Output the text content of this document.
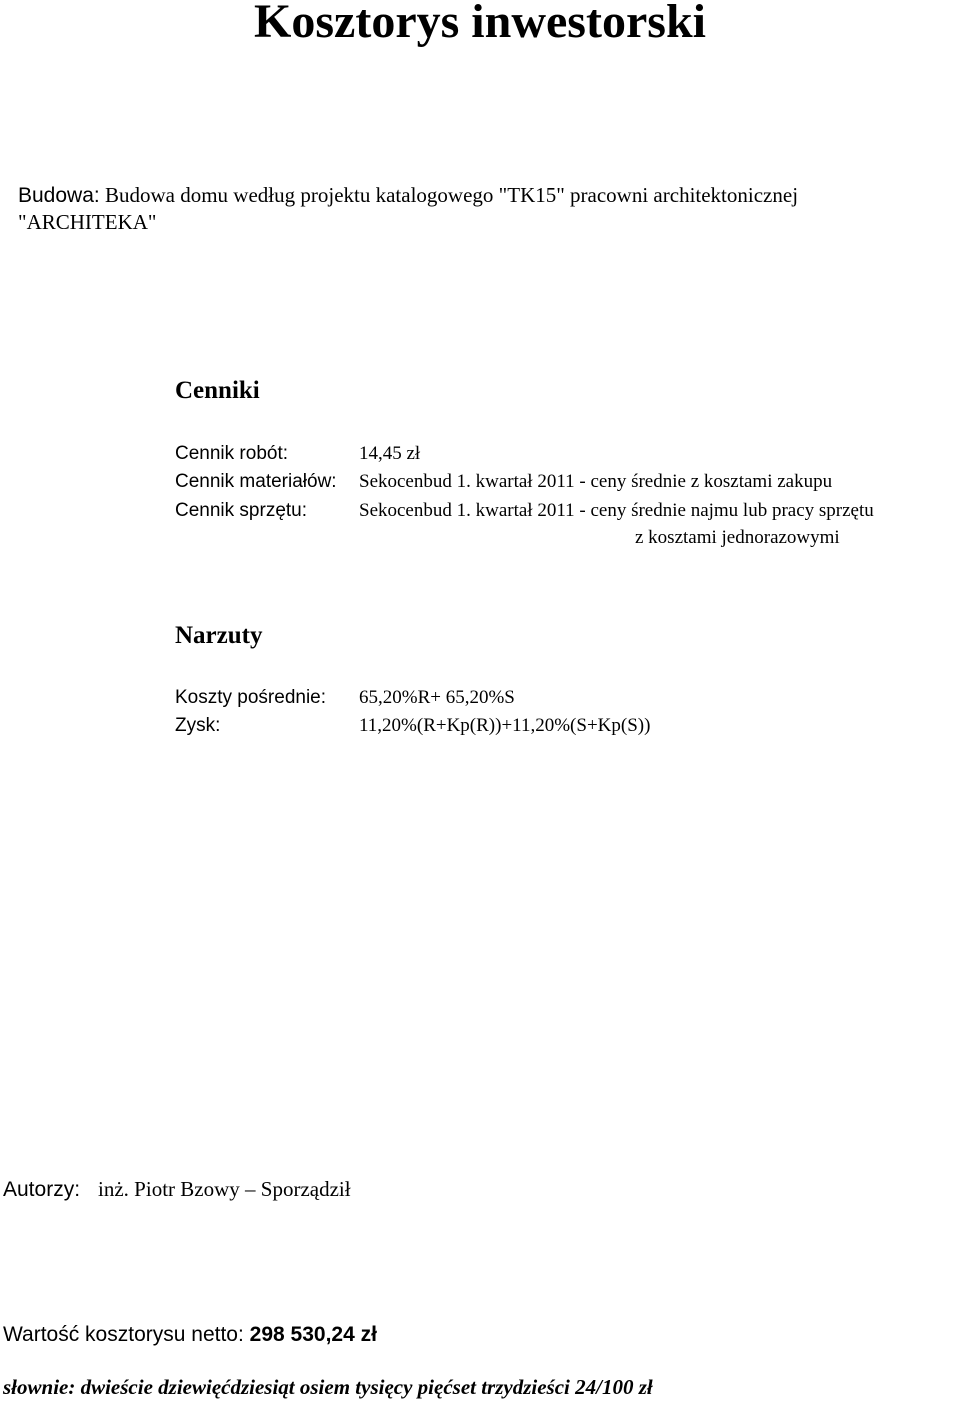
Kosztorys inwestorski
Budowa: Budowa domu według projektu katalogowego "TK15" pracowni architektonicznej "ARCHITEKA"
Cenniki
Cennik robót:	14,45 zł
Cennik materiałów: Sekocenbud 1. kwartał 2011 - ceny średnie z kosztami zakupu
Cennik sprzętu:	Sekocenbud 1. kwartał 2011 - ceny średnie najmu lub pracy sprzętu
z kosztami jednorazowymi
Narzuty
Koszty pośrednie: 65,20%R+ 65,20%S
Zysk:	11,20%(R+Kp(R))+11,20%(S+Kp(S))
Autorzy: inż. Piotr Bzowy – Sporządził
Wartość kosztorysu netto: 298 530,24 zł
słownie: dwieście dziewięćdziesiąt osiem tysięcy pięćset trzydzieści 24/100 zł
